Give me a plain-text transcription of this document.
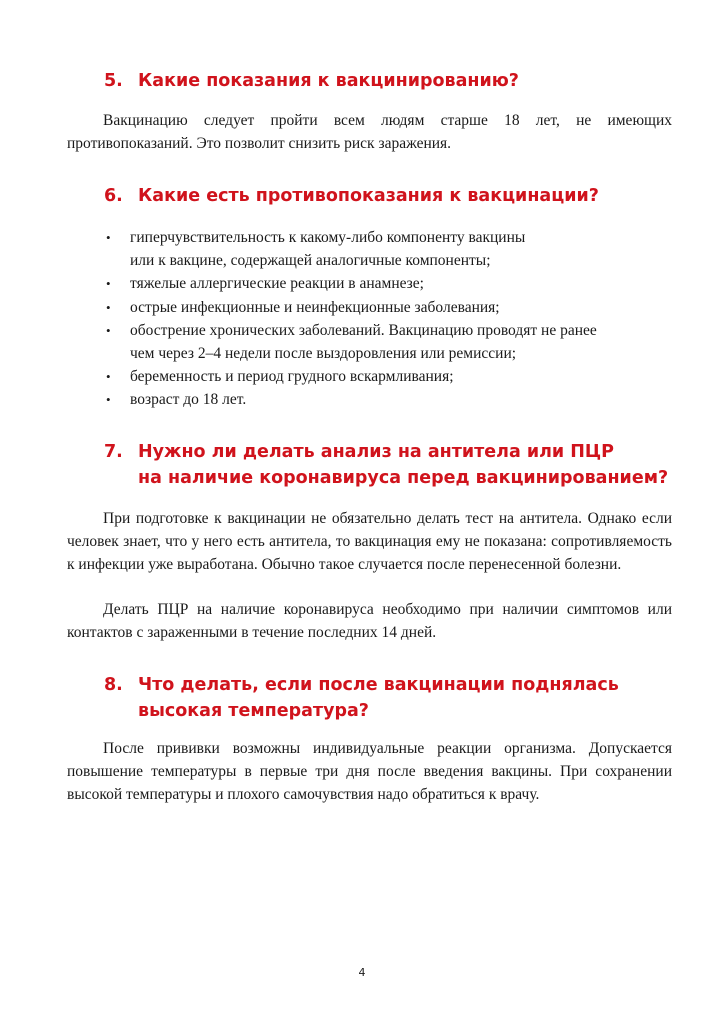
5. Какие показания к вакцинированию?

Вакцинацию следует пройти всем людям старше 18 лет, не имеющих противопоказаний. Это позволит снизить риск заражения.

6. Какие есть противопоказания к вакцинации?
• гиперчувствительность к какому-либо компоненту вакцины
или к вакцине, содержащей аналогичные компоненты;
• тяжелые аллергические реакции в анамнезе;
• острые инфекционные и неинфекционные заболевания;
• обострение хронических заболеваний. Вакцинацию проводят не ранее
чем через 2–4 недели после выздоровления или ремиссии;
• беременность и период грудного вскармливания;
• возраст до 18 лет.
7. Нужно ли делать анализ на антитела или ПЦР
на наличие коронавируса перед вакцинированием?

При подготовке к вакцинации не обязательно делать тест на антитела. Однако если человек знает, что у него есть антитела, то вакцинация ему не показана: сопротивляемость к инфекции уже выработана. Обычно такое случается после перенесенной болезни.

Делать ПЦР на наличие коронавируса необходимо при наличии симптомов или контактов с зараженными в течение последних 14 дней.

8. Что делать, если после вакцинации поднялась
высокая температура?

После прививки возможны индивидуальные реакции организма. Допускается повышение температуры в первые три дня после введения вакцины. При сохранении высокой температуры и плохого самочувствия надо обратиться к врачу.

4
